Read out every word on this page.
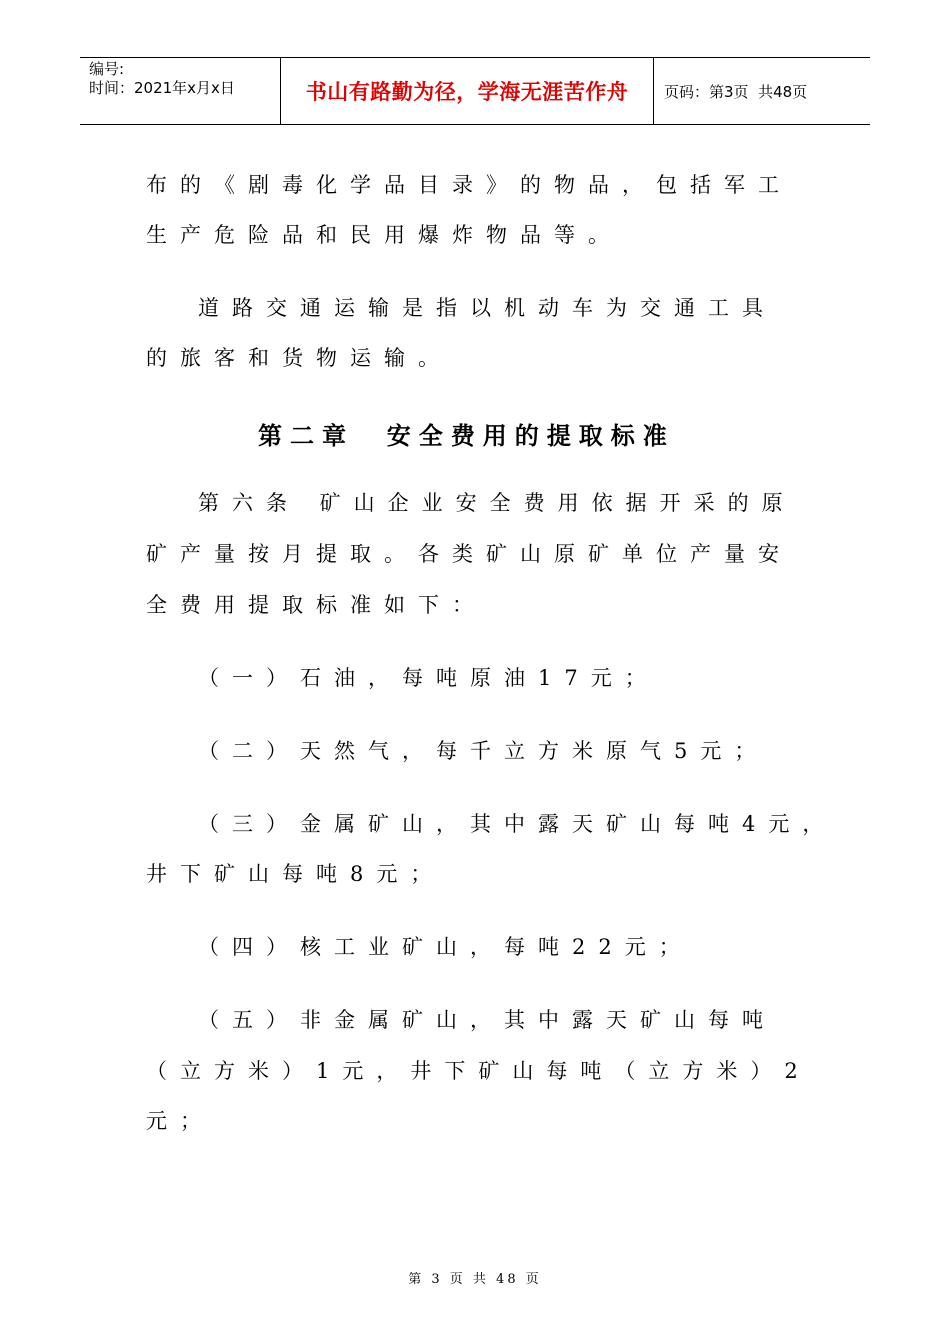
编号:
时间：2021年x月x日	书山有路勤为径，学海无涯苦作舟	页码：第3页  共48页

布的《剧毒化学品目录》的物品，包括军工

生产危险品和民用爆炸物品等。

道路交通运输是指以机动车为交通工具

的旅客和货物运输。

第二章  安全费用的提取标准

第六条 矿山企业安全费用依据开采的原

矿产量按月提取。各类矿山原矿单位产量安

全费用提取标准如下：

（一）石油，每吨原油17元；

（二）天然气，每千立方米原气5元；

（三）金属矿山，其中露天矿山每吨4元，

井下矿山每吨8元；

（四）核工业矿山，每吨22元；

（五）非金属矿山，其中露天矿山每吨

（立方米）1元，井下矿山每吨（立方米）2

元；

第 3 页 共 48 页
